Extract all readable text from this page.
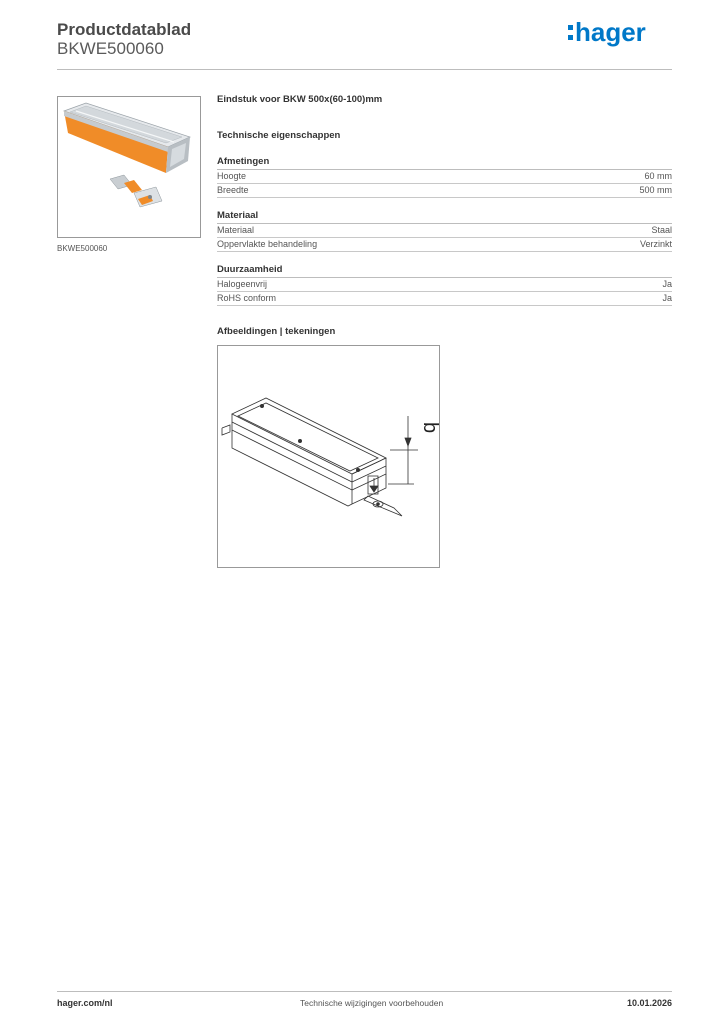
Productdatablad
BKWE500060
hager
BKWE500060
Eindstuk voor BKW 500x(60-100)mm
Technische eigenschappen
Afmetingen
Hoogte	60 mm
Breedte	500 mm
Materiaal
Materiaal	Staal
Oppervlakte behandeling	Verzinkt
Duurzaamheid
Halogeenvrij	Ja
RoHS conform	Ja
Afbeeldingen | tekeningen
b
hager.com/nl	Technische wijzigingen voorbehouden	10.01.2026
